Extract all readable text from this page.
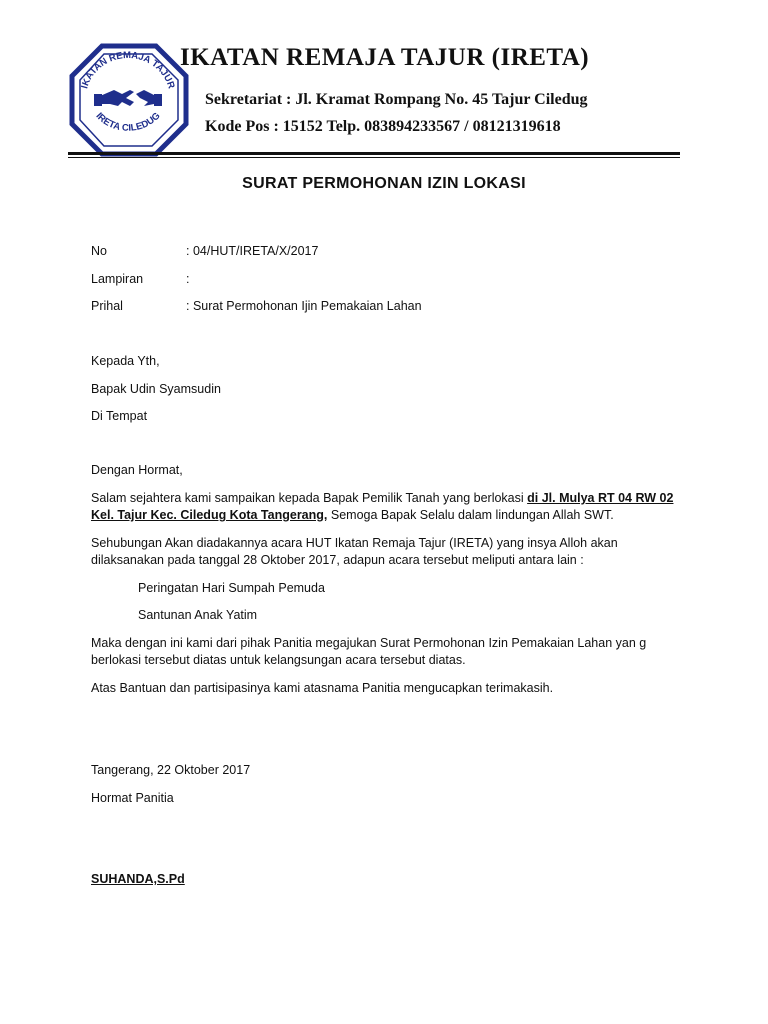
IKATAN REMAJA TAJUR
IRETA CILEDUG
IKATAN REMAJA TAJUR (IRETA)
Sekretariat : Jl. Kramat Rompang No. 45 Tajur Ciledug
Kode Pos : 15152 Telp. 083894233567 / 08121319618
SURAT PERMOHONAN IZIN LOKASI
No	: 04/HUT/IRETA/X/2017
Lampiran	:
Prihal	: Surat Permohonan Ijin Pemakaian Lahan
Kepada Yth,
Bapak Udin Syamsudin
Di Tempat
Dengan Hormat,
Salam sejahtera kami sampaikan kepada Bapak Pemilik Tanah yang berlokasi di Jl. Mulya RT 04 RW 02
Kel. Tajur Kec. Ciledug Kota Tangerang, Semoga Bapak Selalu dalam lindungan Allah SWT.
Sehubungan Akan diadakannya acara HUT Ikatan Remaja Tajur (IRETA) yang insya Alloh akan
dilaksanakan pada tanggal 28 Oktober 2017, adapun acara tersebut meliputi antara lain :
Peringatan Hari Sumpah Pemuda
Santunan Anak Yatim
Maka dengan ini kami dari pihak Panitia megajukan Surat Permohonan Izin Pemakaian Lahan yan g
berlokasi tersebut diatas untuk kelangsungan acara tersebut diatas.
Atas Bantuan dan partisipasinya kami atasnama Panitia mengucapkan terimakasih.
Tangerang, 22 Oktober 2017
Hormat Panitia
SUHANDA,S.Pd
